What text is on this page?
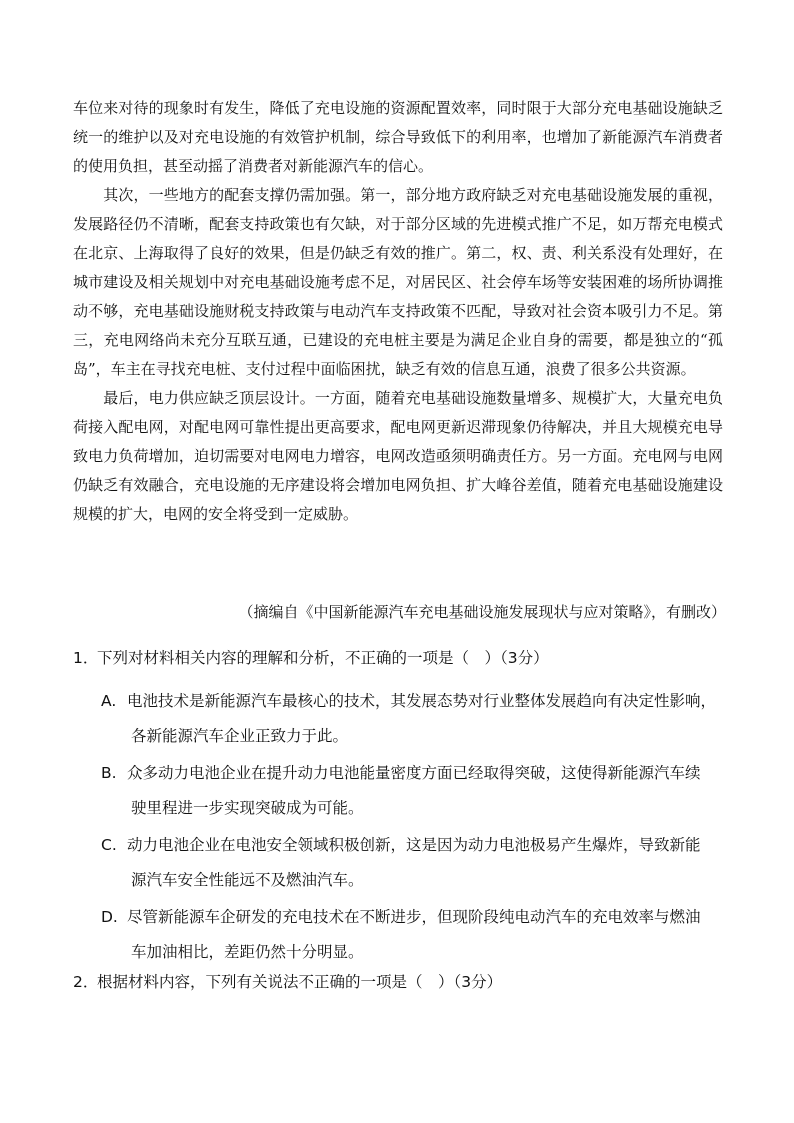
车位来对待的现象时有发生，降低了充电设施的资源配置效率，同时限于大部分充电基础设施缺乏统一的维护以及对充电设施的有效管护机制，综合导致低下的利用率，也增加了新能源汽车消费者的使用负担，甚至动摇了消费者对新能源汽车的信心。

　　其次，一些地方的配套支撑仍需加强。第一，部分地方政府缺乏对充电基础设施发展的重视，发展路径仍不清晰，配套支持政策也有欠缺，对于部分区域的先进模式推广不足，如万帮充电模式在北京、上海取得了良好的效果，但是仍缺乏有效的推广。第二，权、责、利关系没有处理好，在城市建设及相关规划中对充电基础设施考虑不足，对居民区、社会停车场等安装困难的场所协调推动不够，充电基础设施财税支持政策与电动汽车支持政策不匹配，导致对社会资本吸引力不足。第三，充电网络尚未充分互联互通，已建设的充电桩主要是为满足企业自身的需要，都是独立的“孤岛”，车主在寻找充电桩、支付过程中面临困扰，缺乏有效的信息互通，浪费了很多公共资源。

　　最后，电力供应缺乏顶层设计。一方面，随着充电基础设施数量增多、规模扩大，大量充电负荷接入配电网，对配电网可靠性提出更高要求，配电网更新迟滞现象仍待解决，并且大规模充电导致电力负荷增加，迫切需要对电网电力增容，电网改造亟须明确责任方。另一方面。充电网与电网仍缺乏有效融合，充电设施的无序建设将会增加电网负担、扩大峰谷差值，随着充电基础设施建设规模的扩大，电网的安全将受到一定威胁。

（摘编自《中国新能源汽车充电基础设施发展现状与应对策略》，有删改）
1．下列对材料相关内容的理解和分析，不正确的一项是（　）（3分）
A. 电池技术是新能源汽车最核心的技术，其发展态势对行业整体发展趋向有决定性影响，
各新能源汽车企业正致力于此。
B. 众多动力电池企业在提升动力电池能量密度方面已经取得突破，这使得新能源汽车续
驶里程进一步实现突破成为可能。
C. 动力电池企业在电池安全领域积极创新，这是因为动力电池极易产生爆炸，导致新能
源汽车安全性能远不及燃油汽车。
D. 尽管新能源车企研发的充电技术在不断进步，但现阶段纯电动汽车的充电效率与燃油
车加油相比，差距仍然十分明显。
2．根据材料内容，下列有关说法不正确的一项是（　）（3分）
